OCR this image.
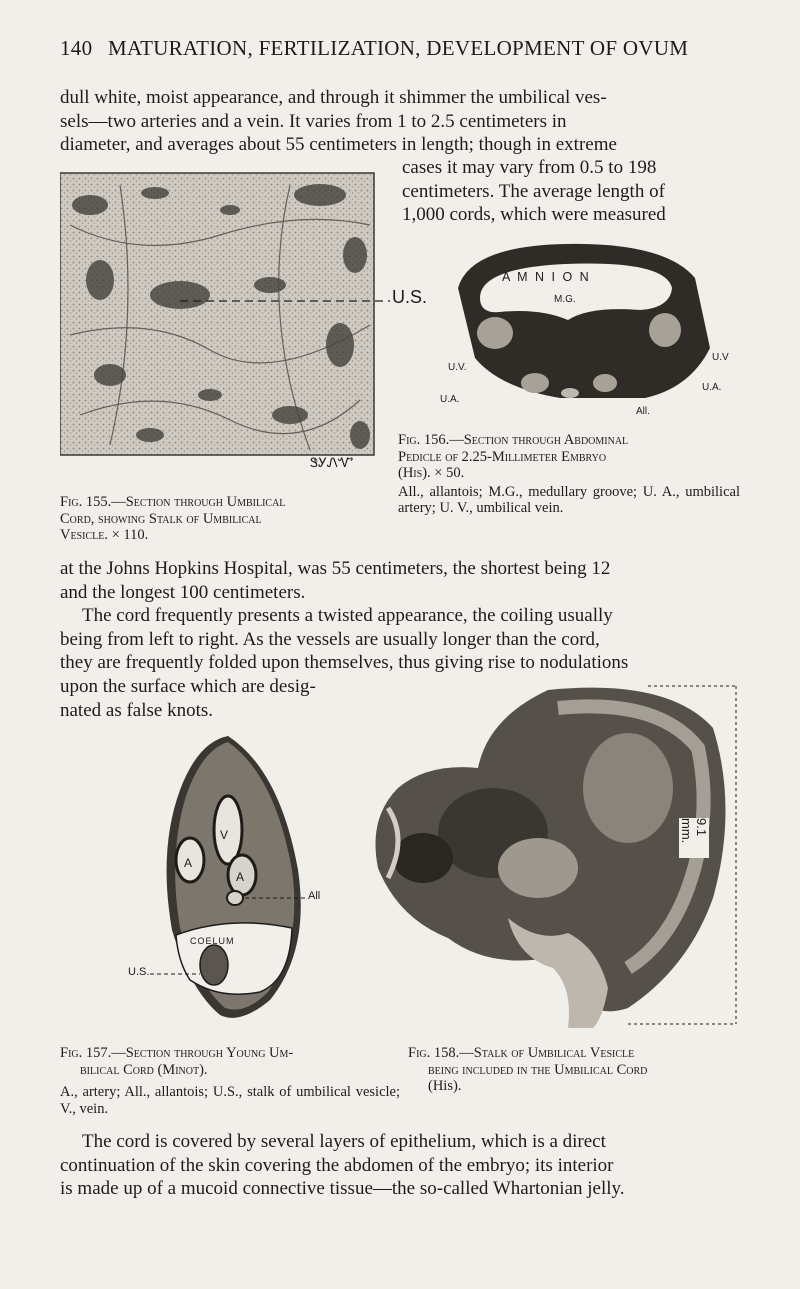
140 MATURATION, FERTILIZATION, DEVELOPMENT OF OVUM
dull white, moist appearance, and through it shimmer the umbilical ves-
sels—two arteries and a vein. It varies from 1 to 2.5 centimeters in
diameter, and averages about 55 centimeters in length; though in extreme
cases it may vary from 0.5 to 198
centimeters. The average length of
1,000 cords, which were measured
U.S.
ᏕᎩᏁᏉ
A M N I O N
M.G.
U.V.
U.V
U.A.
U.A.
All.
Fig. 156.—Section through Abdominal
Pedicle of 2.25-Millimeter Embryo
(His). × 50.
All., allantois; M.G., medullary groove; U. A., umbilical artery; U. V., umbilical vein.
Fig. 155.—Section through Umbilical
Cord, showing Stalk of Umbilical
Vesicle. × 110.
at the Johns Hopkins Hospital, was 55 centimeters, the shortest being 12
and the longest 100 centimeters.
The cord frequently presents a twisted appearance, the coiling usually
being from left to right. As the vessels are usually longer than the cord,
they are frequently folded upon themselves, thus giving rise to nodulations
upon the surface which are desig-
nated as false knots.
V
A
A
All
COELUM
U.S.
9.1 mm.
Fig. 157.—Section through Young Um-
bilical Cord (Minot).
A., artery; All., allantois; U.S., stalk of umbilical vesicle; V., vein.
Fig. 158.—Stalk of Umbilical Vesicle
being included in the Umbilical Cord
(His).
The cord is covered by several layers of epithelium, which is a direct
continuation of the skin covering the abdomen of the embryo; its interior
is made up of a mucoid connective tissue—the so-called Whartonian jelly.
